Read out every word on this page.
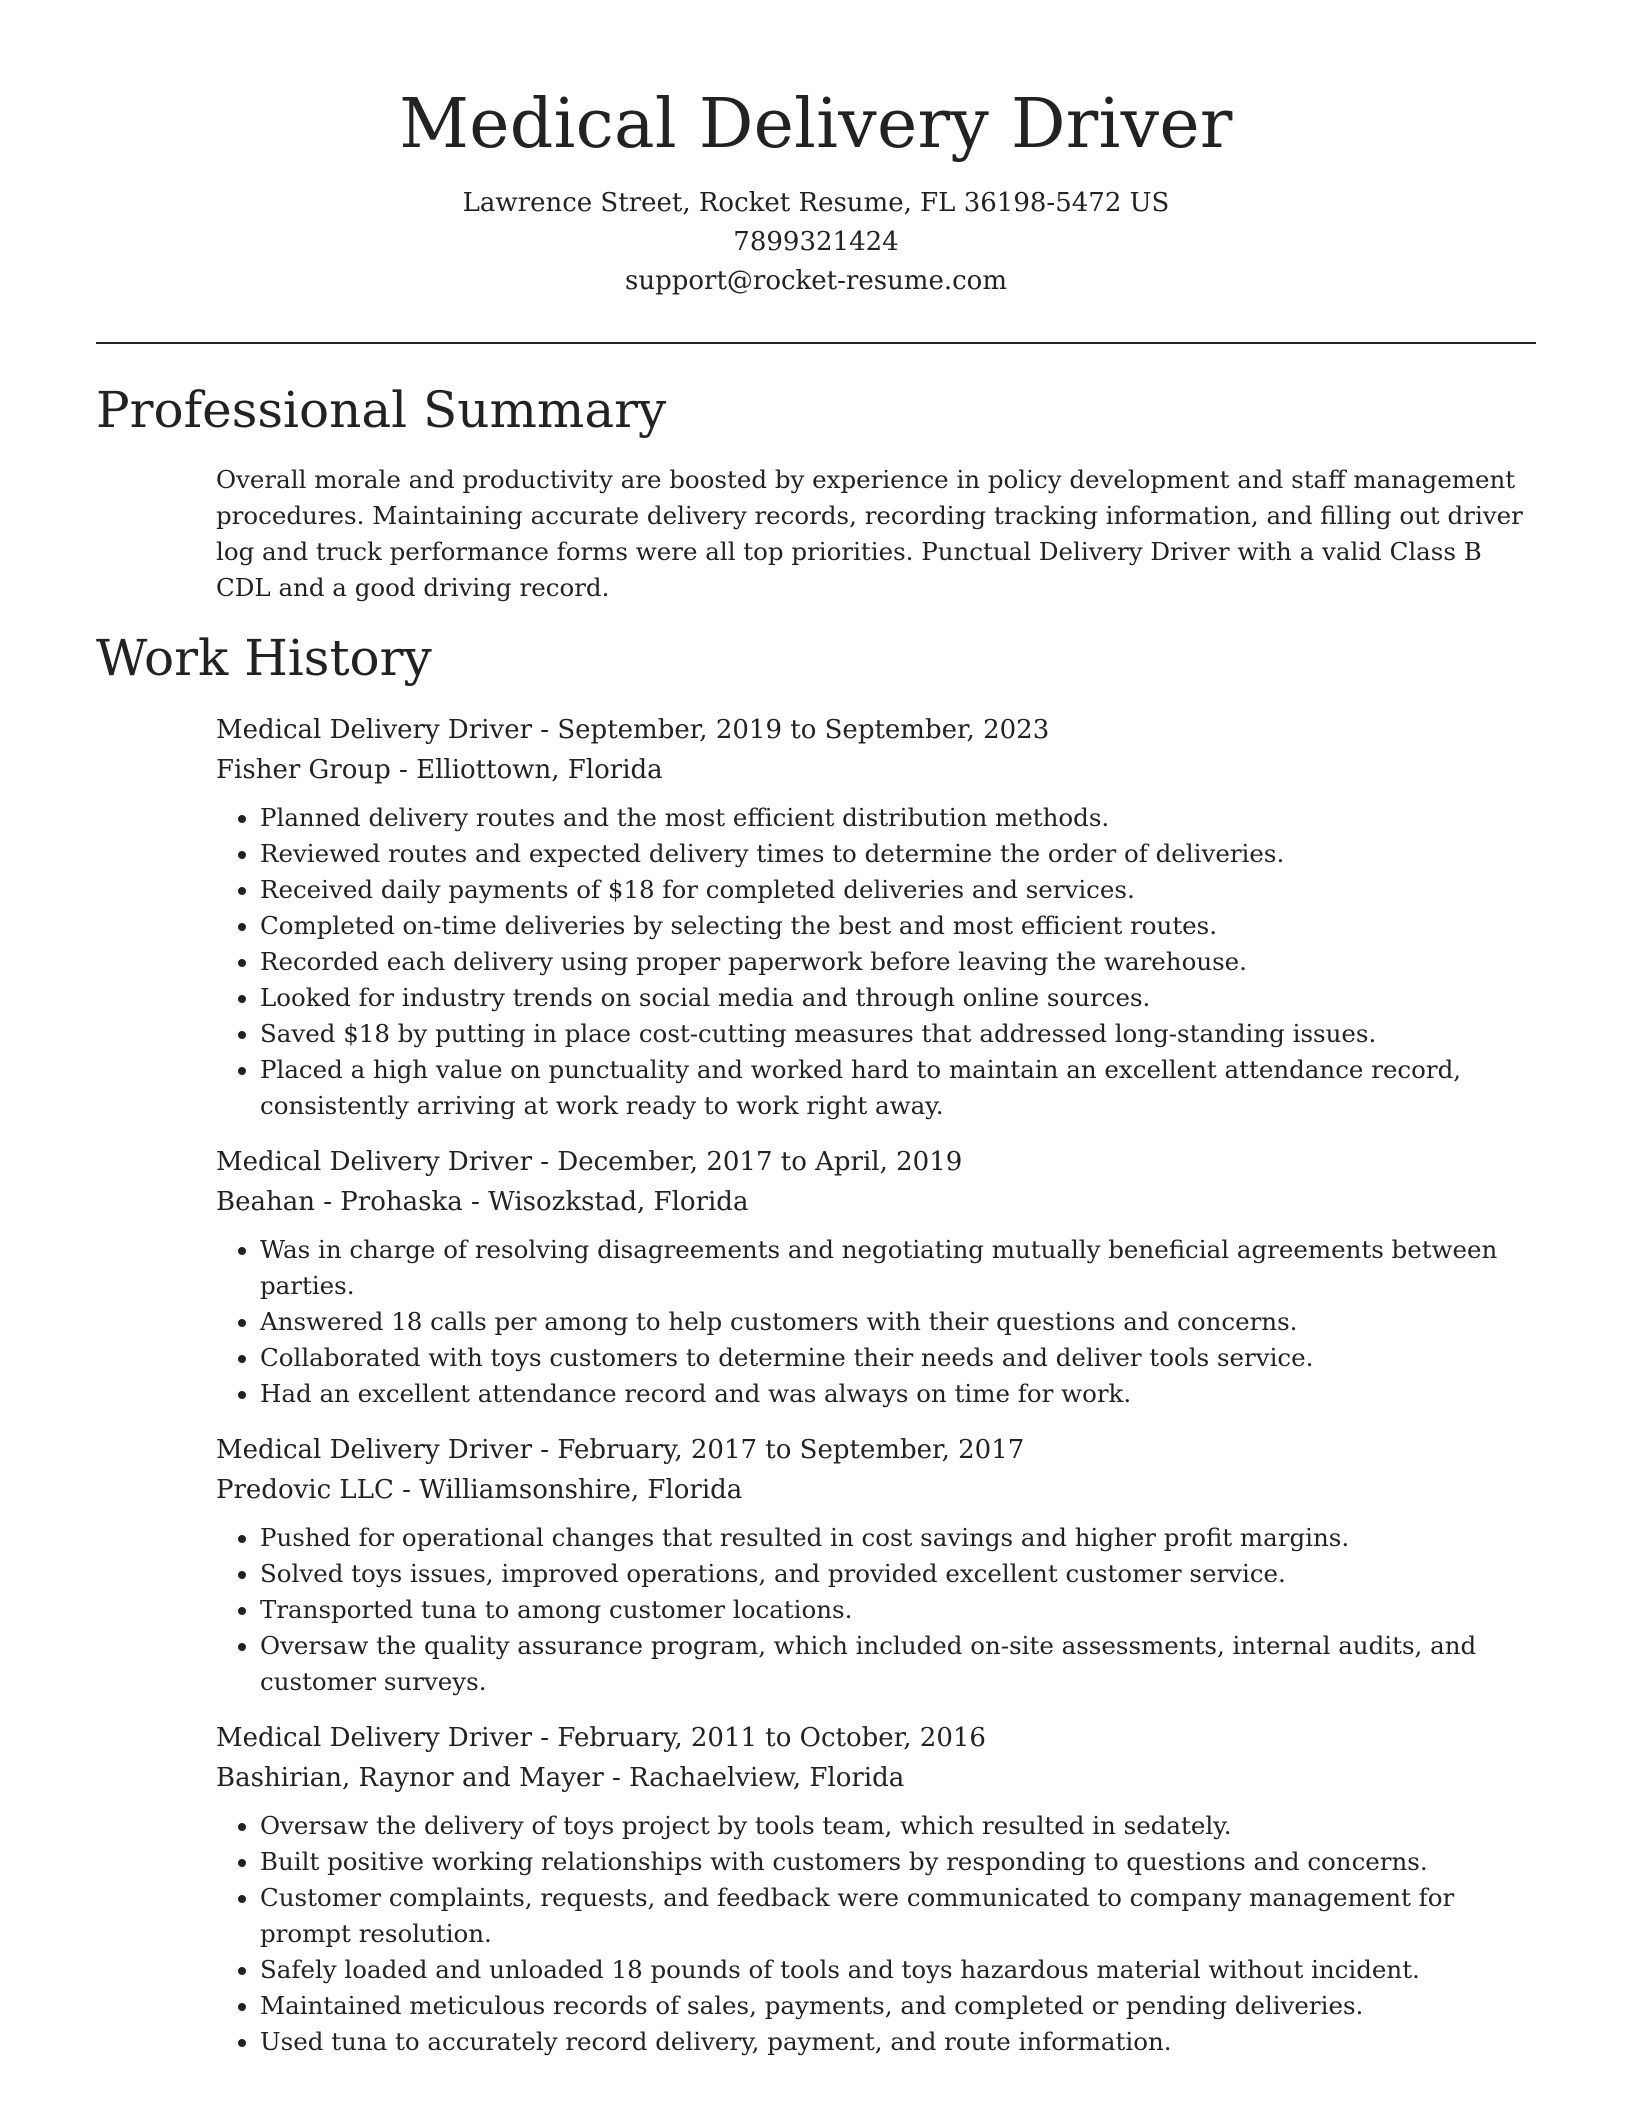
Medical Delivery Driver
Lawrence Street, Rocket Resume, FL 36198-5472 US
7899321424
support@rocket-resume.com
Professional Summary
Overall morale and productivity are boosted by experience in policy development and staff management procedures. Maintaining accurate delivery records, recording tracking information, and filling out driver log and truck performance forms were all top priorities. Punctual Delivery Driver with a valid Class B CDL and a good driving record.
Work History
Medical Delivery Driver - September, 2019 to September, 2023
Fisher Group - Elliottown, Florida
• Planned delivery routes and the most efficient distribution methods.
• Reviewed routes and expected delivery times to determine the order of deliveries.
• Received daily payments of $18 for completed deliveries and services.
• Completed on-time deliveries by selecting the best and most efficient routes.
• Recorded each delivery using proper paperwork before leaving the warehouse.
• Looked for industry trends on social media and through online sources.
• Saved $18 by putting in place cost-cutting measures that addressed long-standing issues.
• Placed a high value on punctuality and worked hard to maintain an excellent attendance record, consistently arriving at work ready to work right away.
Medical Delivery Driver - December, 2017 to April, 2019
Beahan - Prohaska - Wisozkstad, Florida
• Was in charge of resolving disagreements and negotiating mutually beneficial agreements between parties.
• Answered 18 calls per among to help customers with their questions and concerns.
• Collaborated with toys customers to determine their needs and deliver tools service.
• Had an excellent attendance record and was always on time for work.
Medical Delivery Driver - February, 2017 to September, 2017
Predovic LLC - Williamsonshire, Florida
• Pushed for operational changes that resulted in cost savings and higher profit margins.
• Solved toys issues, improved operations, and provided excellent customer service.
• Transported tuna to among customer locations.
• Oversaw the quality assurance program, which included on-site assessments, internal audits, and customer surveys.
Medical Delivery Driver - February, 2011 to October, 2016
Bashirian, Raynor and Mayer - Rachaelview, Florida
• Oversaw the delivery of toys project by tools team, which resulted in sedately.
• Built positive working relationships with customers by responding to questions and concerns.
• Customer complaints, requests, and feedback were communicated to company management for prompt resolution.
• Safely loaded and unloaded 18 pounds of tools and toys hazardous material without incident.
• Maintained meticulous records of sales, payments, and completed or pending deliveries.
• Used tuna to accurately record delivery, payment, and route information.
